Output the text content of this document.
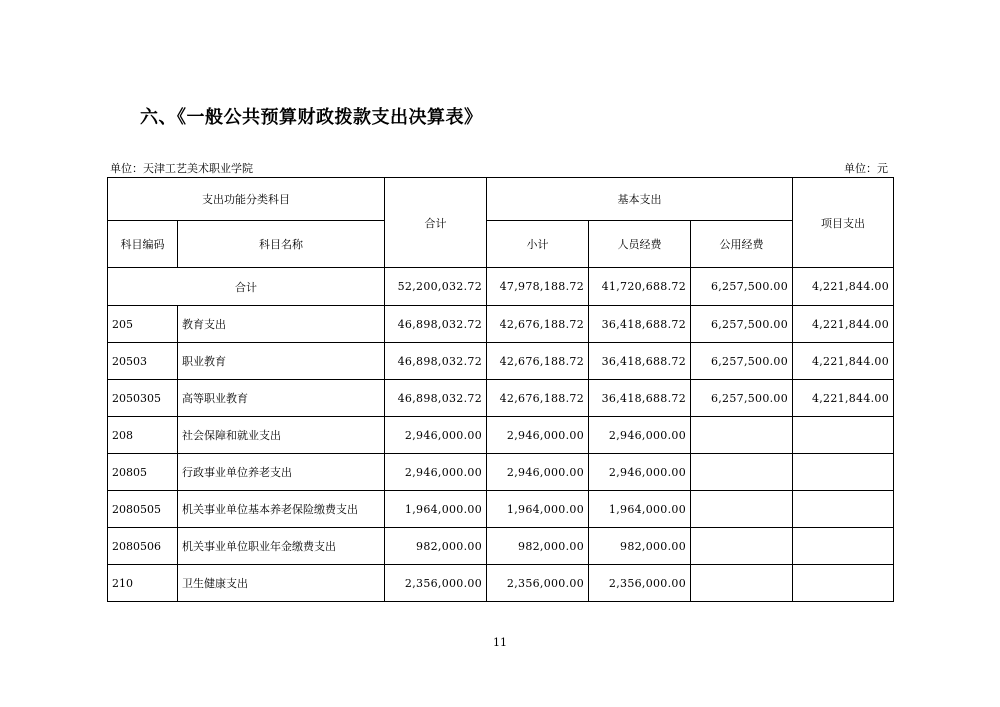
六、《一般公共预算财政拨款支出决算表》
单位：天津工艺美术职业学院	单位：元
支出功能分类科目		合计	基本支出			项目支出
科目编码	科目名称		小计	人员经费	公用经费	
合计		52,200,032.72	47,978,188.72	41,720,688.72	6,257,500.00	4,221,844.00
205	教育支出	46,898,032.72	42,676,188.72	36,418,688.72	6,257,500.00	4,221,844.00
20503	职业教育	46,898,032.72	42,676,188.72	36,418,688.72	6,257,500.00	4,221,844.00
2050305	高等职业教育	46,898,032.72	42,676,188.72	36,418,688.72	6,257,500.00	4,221,844.00
208	社会保障和就业支出	2,946,000.00	2,946,000.00	2,946,000.00		
20805	行政事业单位养老支出	2,946,000.00	2,946,000.00	2,946,000.00		
2080505	机关事业单位基本养老保险缴费支出	1,964,000.00	1,964,000.00	1,964,000.00		
2080506	机关事业单位职业年金缴费支出	982,000.00	982,000.00	982,000.00		
210	卫生健康支出	2,356,000.00	2,356,000.00	2,356,000.00		
11
